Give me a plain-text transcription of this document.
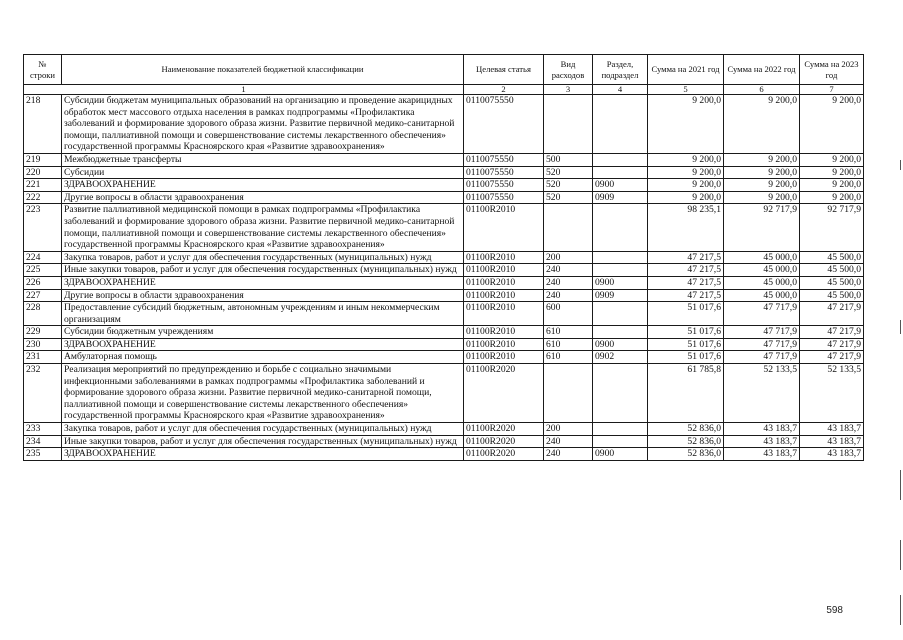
№ строки	Наименование показателей бюджетной классификации	Целевая статья	Вид расходов	Раздел, подраздел	Сумма на 2021 год	Сумма на 2022 год	Сумма на 2023 год
1		2	3	4	5	6	7
218	Субсидии бюджетам муниципальных образований на организацию и проведение акарицидных обработок мест массового отдыха населения в рамках подпрограммы «Профилактика заболеваний и формирование здорового образа жизни. Развитие первичной медико-санитарной помощи, паллиативной помощи и совершенствование системы лекарственного обеспечения» государственной программы Красноярского края «Развитие здравоохранения»	0110075550			9 200,0	9 200,0	9 200,0
219	Межбюджетные трансферты	0110075550	500		9 200,0	9 200,0	9 200,0
220	Субсидии	0110075550	520		9 200,0	9 200,0	9 200,0
221	ЗДРАВООХРАНЕНИЕ	0110075550	520	0900	9 200,0	9 200,0	9 200,0
222	Другие вопросы в области здравоохранения	0110075550	520	0909	9 200,0	9 200,0	9 200,0
223	Развитие паллиативной медицинской помощи в рамках подпрограммы «Профилактика заболеваний и формирование здорового образа жизни. Развитие первичной медико-санитарной помощи, паллиативной помощи и совершенствование системы лекарственного обеспечения» государственной программы Красноярского края «Развитие здравоохранения»	01100R2010			98 235,1	92 717,9	92 717,9
224	Закупка товаров, работ и услуг для обеспечения государственных (муниципальных) нужд	01100R2010	200		47 217,5	45 000,0	45 500,0
225	Иные закупки товаров, работ и услуг для обеспечения государственных (муниципальных) нужд	01100R2010	240		47 217,5	45 000,0	45 500,0
226	ЗДРАВООХРАНЕНИЕ	01100R2010	240	0900	47 217,5	45 000,0	45 500,0
227	Другие вопросы в области здравоохранения	01100R2010	240	0909	47 217,5	45 000,0	45 500,0
228	Предоставление субсидий бюджетным, автономным учреждениям и иным некоммерческим организациям	01100R2010	600		51 017,6	47 717,9	47 217,9
229	Субсидии бюджетным учреждениям	01100R2010	610		51 017,6	47 717,9	47 217,9
230	ЗДРАВООХРАНЕНИЕ	01100R2010	610	0900	51 017,6	47 717,9	47 217,9
231	Амбулаторная помощь	01100R2010	610	0902	51 017,6	47 717,9	47 217,9
232	Реализация мероприятий по предупреждению и борьбе с социально значимыми инфекционными заболеваниями в рамках подпрограммы «Профилактика заболеваний и формирование здорового образа жизни. Развитие первичной медико-санитарной помощи, паллиативной помощи и совершенствование системы лекарственного обеспечения» государственной программы Красноярского края «Развитие здравоохранения»	01100R2020			61 785,8	52 133,5	52 133,5
233	Закупка товаров, работ и услуг для обеспечения государственных (муниципальных) нужд	01100R2020	200		52 836,0	43 183,7	43 183,7
234	Иные закупки товаров, работ и услуг для обеспечения государственных (муниципальных) нужд	01100R2020	240		52 836,0	43 183,7	43 183,7
235	ЗДРАВООХРАНЕНИЕ	01100R2020	240	0900	52 836,0	43 183,7	43 183,7
598
